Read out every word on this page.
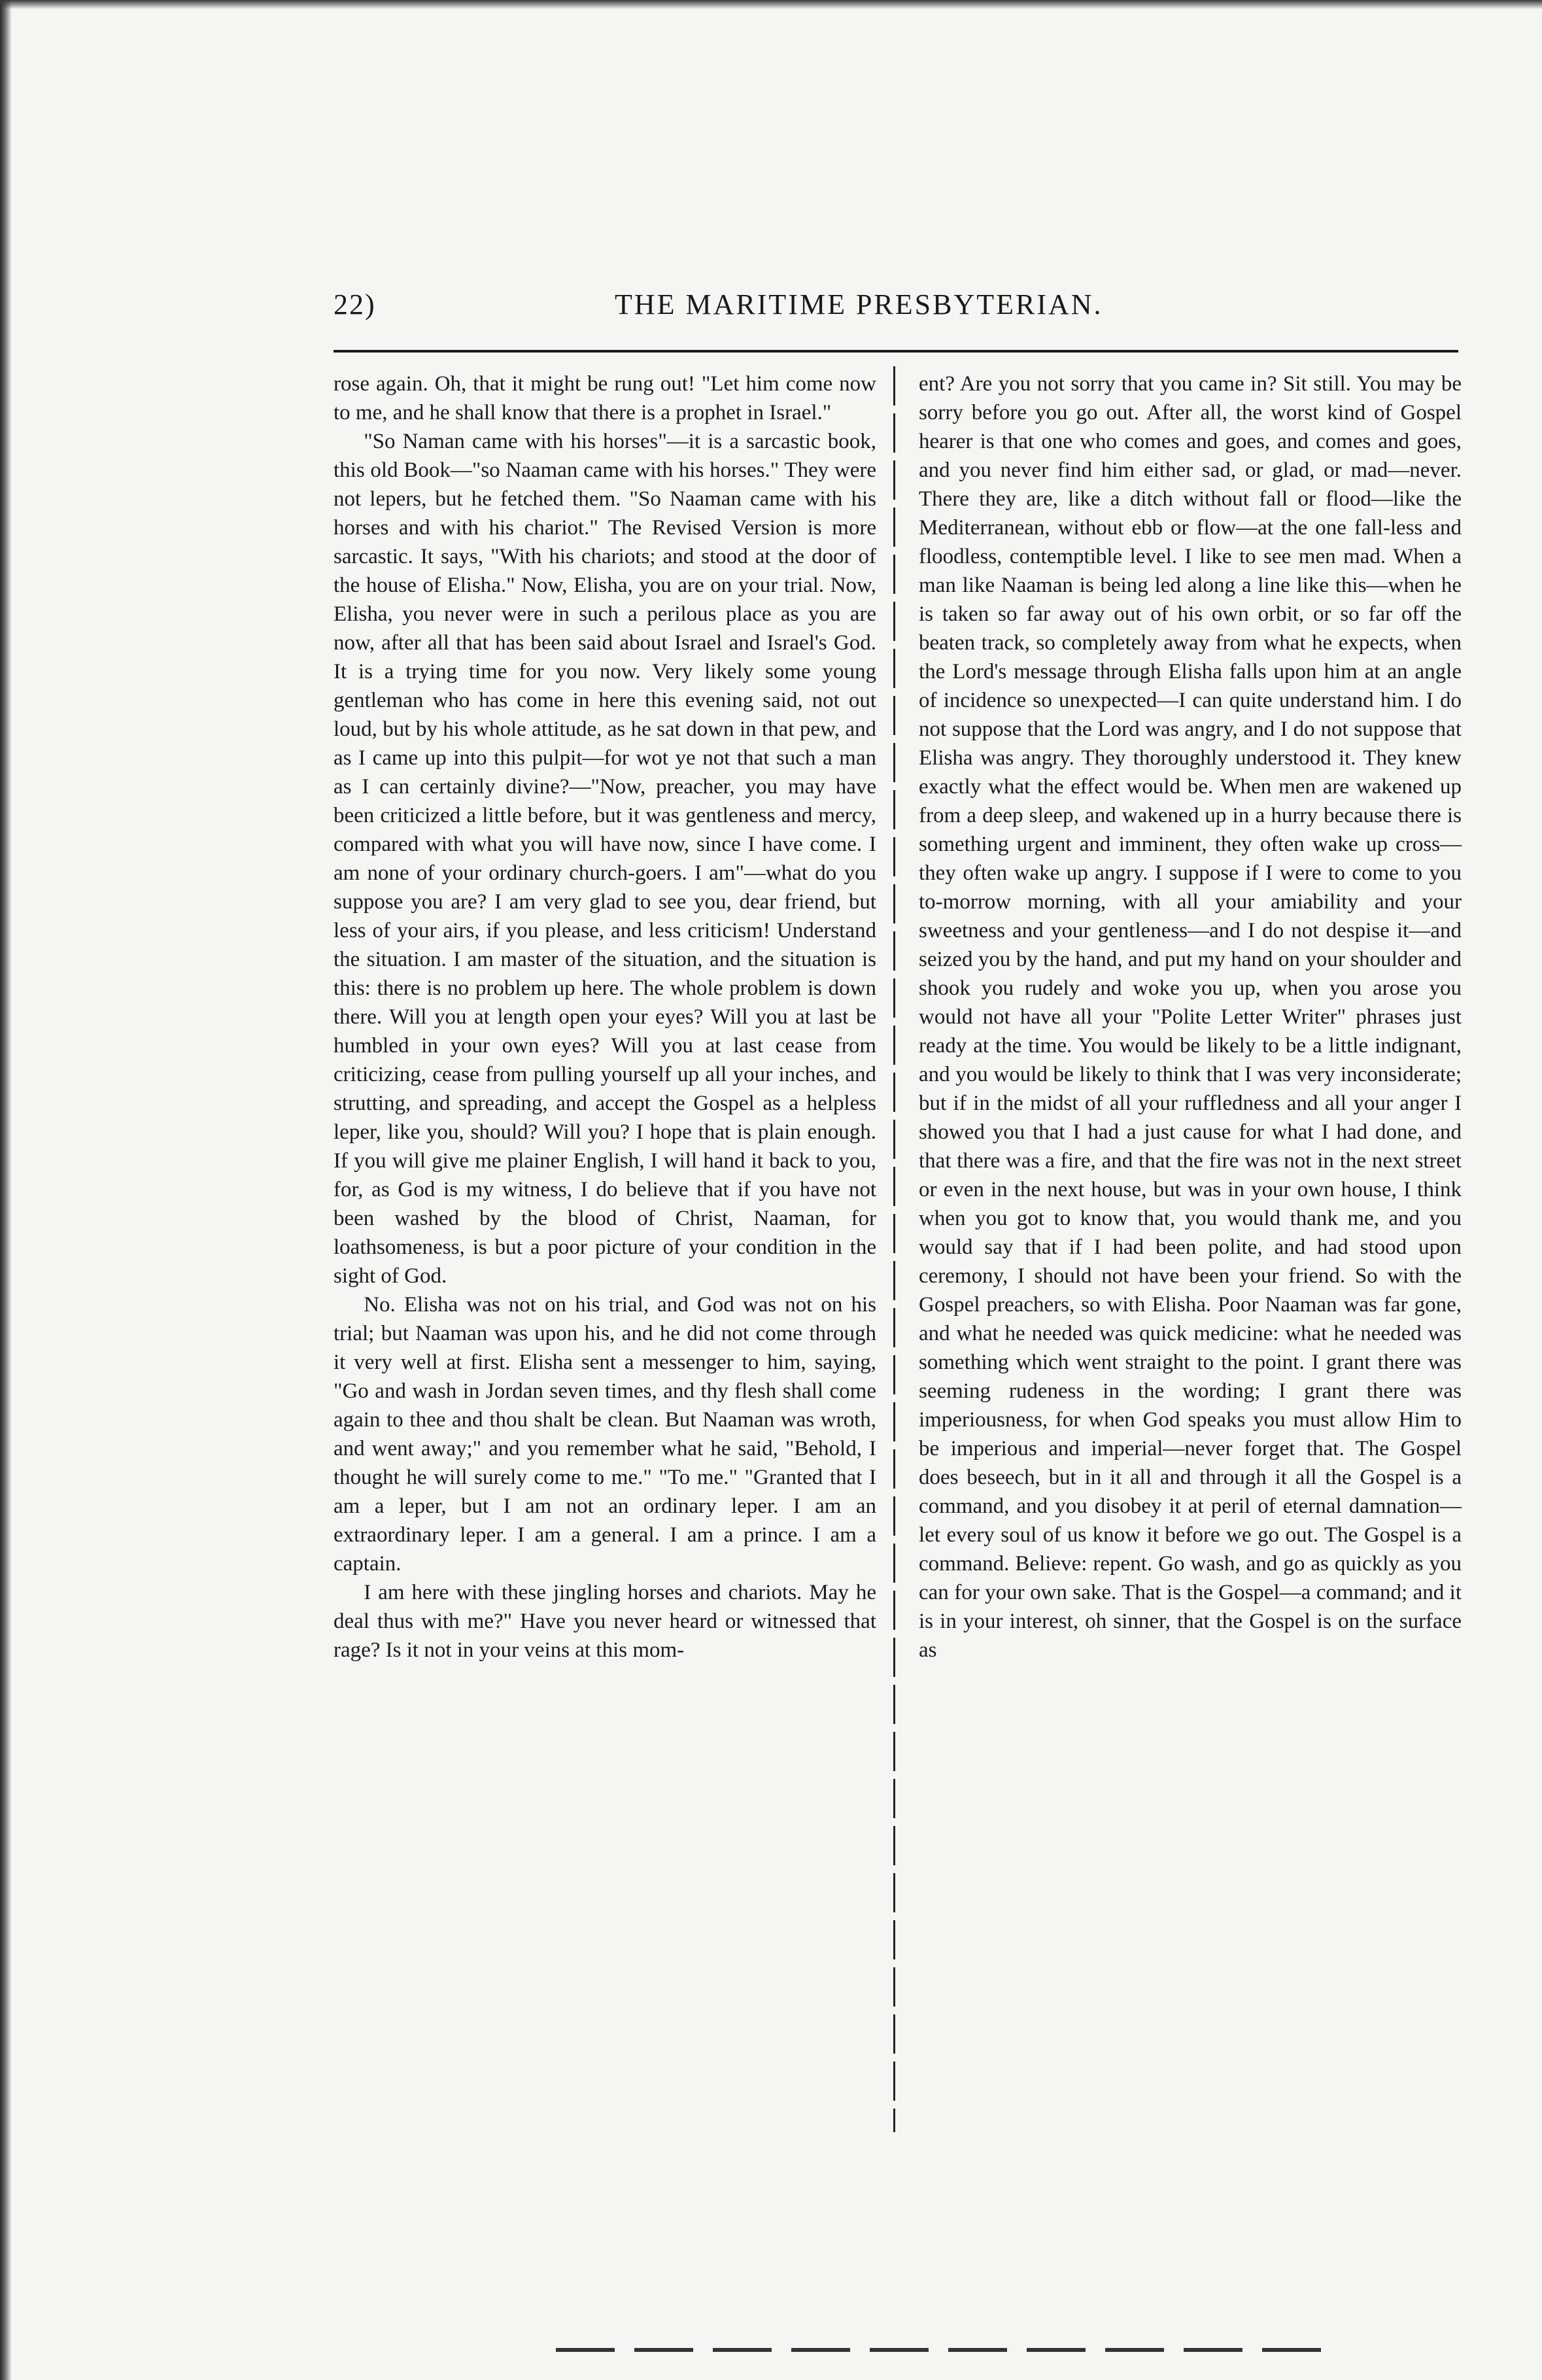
22)	THE MARITIME PRESBYTERIAN.

rose again. Oh, that it might be rung out! "Let him come now to me, and he shall know that there is a prophet in Israel."

"So Naman came with his horses"—it is a sarcastic book, this old Book—"so Naaman came with his horses." They were not lepers, but he fetched them. "So Naaman came with his horses and with his chariot." The Revised Version is more sarcastic. It says, "With his chariots; and stood at the door of the house of Elisha." Now, Elisha, you are on your trial. Now, Elisha, you never were in such a perilous place as you are now, after all that has been said about Israel and Israel's God. It is a trying time for you now. Very likely some young gentleman who has come in here this evening said, not out loud, but by his whole attitude, as he sat down in that pew, and as I came up into this pulpit—for wot ye not that such a man as I can certainly divine?—"Now, preacher, you may have been criticized a little before, but it was gentleness and mercy, compared with what you will have now, since I have come. I am none of your ordinary church-goers. I am"—what do you suppose you are? I am very glad to see you, dear friend, but less of your airs, if you please, and less criticism! Understand the situation. I am master of the situation, and the situation is this: there is no problem up here. The whole problem is down there. Will you at length open your eyes? Will you at last be humbled in your own eyes? Will you at last cease from criticizing, cease from pulling yourself up all your inches, and strutting, and spreading, and accept the Gospel as a helpless leper, like you, should? Will you? I hope that is plain enough. If you will give me plainer English, I will hand it back to you, for, as God is my witness, I do believe that if you have not been washed by the blood of Christ, Naaman, for loathsomeness, is but a poor picture of your condition in the sight of God.

No. Elisha was not on his trial, and God was not on his trial; but Naaman was upon his, and he did not come through it very well at first. Elisha sent a messenger to him, saying, "Go and wash in Jordan seven times, and thy flesh shall come again to thee and thou shalt be clean. But Naaman was wroth, and went away;" and you remember what he said, "Behold, I thought he will surely come to me." "To me." "Granted that I am a leper, but I am not an ordinary leper. I am an extraordinary leper. I am a general. I am a prince. I am a captain.

I am here with these jingling horses and chariots. May he deal thus with me?" Have you never heard or witnessed that rage? Is it not in your veins at this mom-

ent? Are you not sorry that you came in? Sit still. You may be sorry before you go out. After all, the worst kind of Gospel hearer is that one who comes and goes, and comes and goes, and you never find him either sad, or glad, or mad—never. There they are, like a ditch without fall or flood—like the Mediterranean, without ebb or flow—at the one fall-less and floodless, contemptible level. I like to see men mad. When a man like Naaman is being led along a line like this—when he is taken so far away out of his own orbit, or so far off the beaten track, so completely away from what he expects, when the Lord's message through Elisha falls upon him at an angle of incidence so unexpected—I can quite understand him. I do not suppose that the Lord was angry, and I do not suppose that Elisha was angry. They thoroughly understood it. They knew exactly what the effect would be. When men are wakened up from a deep sleep, and wakened up in a hurry because there is something urgent and imminent, they often wake up cross—they often wake up angry. I suppose if I were to come to you to-morrow morning, with all your amiability and your sweetness and your gentleness—and I do not despise it—and seized you by the hand, and put my hand on your shoulder and shook you rudely and woke you up, when you arose you would not have all your "Polite Letter Writer" phrases just ready at the time. You would be likely to be a little indignant, and you would be likely to think that I was very inconsiderate; but if in the midst of all your ruffledness and all your anger I showed you that I had a just cause for what I had done, and that there was a fire, and that the fire was not in the next street or even in the next house, but was in your own house, I think when you got to know that, you would thank me, and you would say that if I had been polite, and had stood upon ceremony, I should not have been your friend. So with the Gospel preachers, so with Elisha. Poor Naaman was far gone, and what he needed was quick medicine: what he needed was something which went straight to the point. I grant there was seeming rudeness in the wording; I grant there was imperiousness, for when God speaks you must allow Him to be imperious and imperial—never forget that. The Gospel does beseech, but in it all and through it all the Gospel is a command, and you disobey it at peril of eternal damnation—let every soul of us know it before we go out. The Gospel is a command. Believe: repent. Go wash, and go as quickly as you can for your own sake. That is the Gospel—a command; and it is in your interest, oh sinner, that the Gospel is on the surface as
